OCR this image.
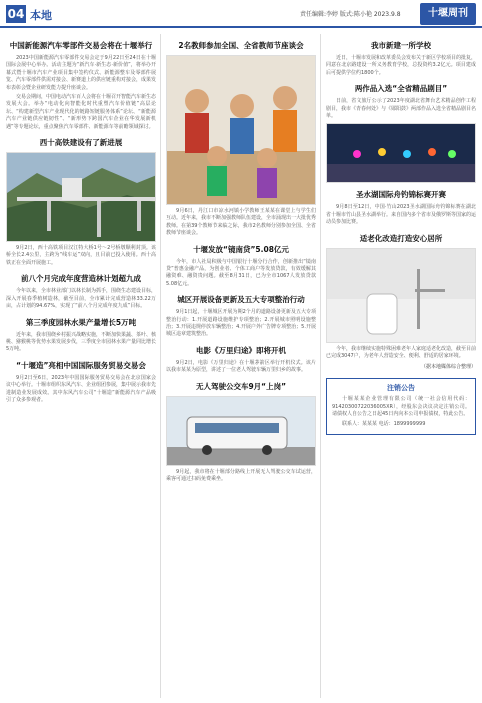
04 本地	责任编辑:李婷 版式:陈小艳 2023.9.8	十堰周刊
中国新能源汽车零部件交易会将在十堰举行
2023中国新能源汽车零部件交易会定于9月22日至24日在十堰国际会展中心举办。活动主题为“新汽车·新生态·新价值”，将举办开幕式暨十堰市汽车产业项目集中签约仪式、新能源整车及零部件展览、汽车零部件供需对接会、新赛道上的供应链重构对接会，成果发布表彰会暨企业研发能力提升座谈会。
交易会期间，中国电动汽车百人会将在十堰召开智能汽车新生态发展大会。举办“电动化向智能化时代重塑汽车价值链”高层论坛、“构建新型汽车产业现代化的链路短链服务体系”论坛、“新能源汽车产业链供应链韧性”、“新形势下跨国汽车企业在华发展新机遇”等专题论坛，重点聚焦汽车零部件、新能源车等前瞻领域探讨。
西十高铁建设有了新进展
9月2日，西十高铁项目汉江特大桥1号～2号桥墩顺利封顶。该桥全长2.4公里，主跨为“线车运”双向，且目前已投入使用。西十高铁正在全面开展施工。
前八个月完成年度营造林计划超九成
今年以来，全市林业部门以林长制为抓手，围绕生态建设目标，深入开展春季植树造林，截至目前，全市累计完成营造林33.22万亩，占计划的94.67%，实现了“前八个月完成年度九成”目标。
第三季度园林水果产量增长5万吨
近年来，我市围绕乡村振兴战略实施，不断加快果蔬、茶叶、核桃、猕猴桃等优势水果发展步伐，三季度全市园林水果产量同比增长5万吨。
“十堰造”亮相中国国际服务贸易交易会
9月2日至6日，2023年中国国际服务贸易交易会在北京国家会议中心举行。十堰市组织东风汽车、企业组团参展，集中展示我市先进制造业发展成效。其中东风汽车公司“十堰造”新能源汽车产品吸引了众多参观者。
2名教师参加全国、全省教师节座谈会
9月6日，丹江口市凉水河镇小学教师王某某在课堂上与学生们互动。近年来，我市不断加强教师队伍建设，全市涌现出一大批优秀教师。在第39个教师节来临之际，我市2名教师分别参加全国、全省教师节座谈会。
十堰发放“镜南贷”5.08亿元
今年，市人社局积极与中国银行十堰分行合作，创新推出“镜南贷”普惠金融产品，为创业者、个体工商户等发放贷款，有效缓解其融资难、融资贵问题。截至8月31日，已为全市1067人发放贷款5.08亿元。
城区开展设备更新及五大专项整治行动
9月1日起，十堰城区开展为期2个月的道路设备更新及五大专项整治行动：1.开展道路设施维护专项整治；2.开展城市照明设施整治；3.开展违规停放车辆整治；4.开展户外广告牌专项整治；5.开展城区违章建筑整治。
电影《万里归途》即将开机
9月2日，电影《万里归途》在十堰茅箭区举行开机仪式。该片以我市某某为原型，讲述了一位老人驾驶车辆万里归乡的故事。
无人驾驶公交车9月“上岗”
9月起，我市将在十堰部分路线上开展无人驾驶公交车试运营，乘客可通过扫码免费乘坐。
我市新建一所学校
近日，十堰市发展和改革委员会发布关于新区学校项目的批复，同意在北京路建设一所义务教育学校，总投资约3.2亿元。项目建成后可提供学位约1800个。
两作品入选“全省精品剧目”
日前，省文旅厅公示了2023年度湖北省舞台艺术精品创作工程剧目，我市《青春何处》与《郧阳鼓》两部作品入选全省精品剧目名单。
圣水湖国际舟钓锦标赛开赛
9月8日至12日，中国·竹山2023圣水湖国际舟钓锦标赛在湖北省十堰市竹山县圣水湖举行。来自国内多个省市及俄罗斯等国家的运动员参加比赛。
适老化改造打造安心居所
今年，我市继续实施特殊困难老年人家庭适老化改造，截至目前已完成3047户，为老年人营造安全、便利、舒适的居家环境。
（据本地媒体综合整理）
注销公告
十堰某某企业管理有限公司（统一社会信用代码：91420300722036005XR），经股东会决议决定注销公司。请债权人自公告之日起45日内向本公司申报债权，特此公告。
联系人：某某某 电话：1899999999
